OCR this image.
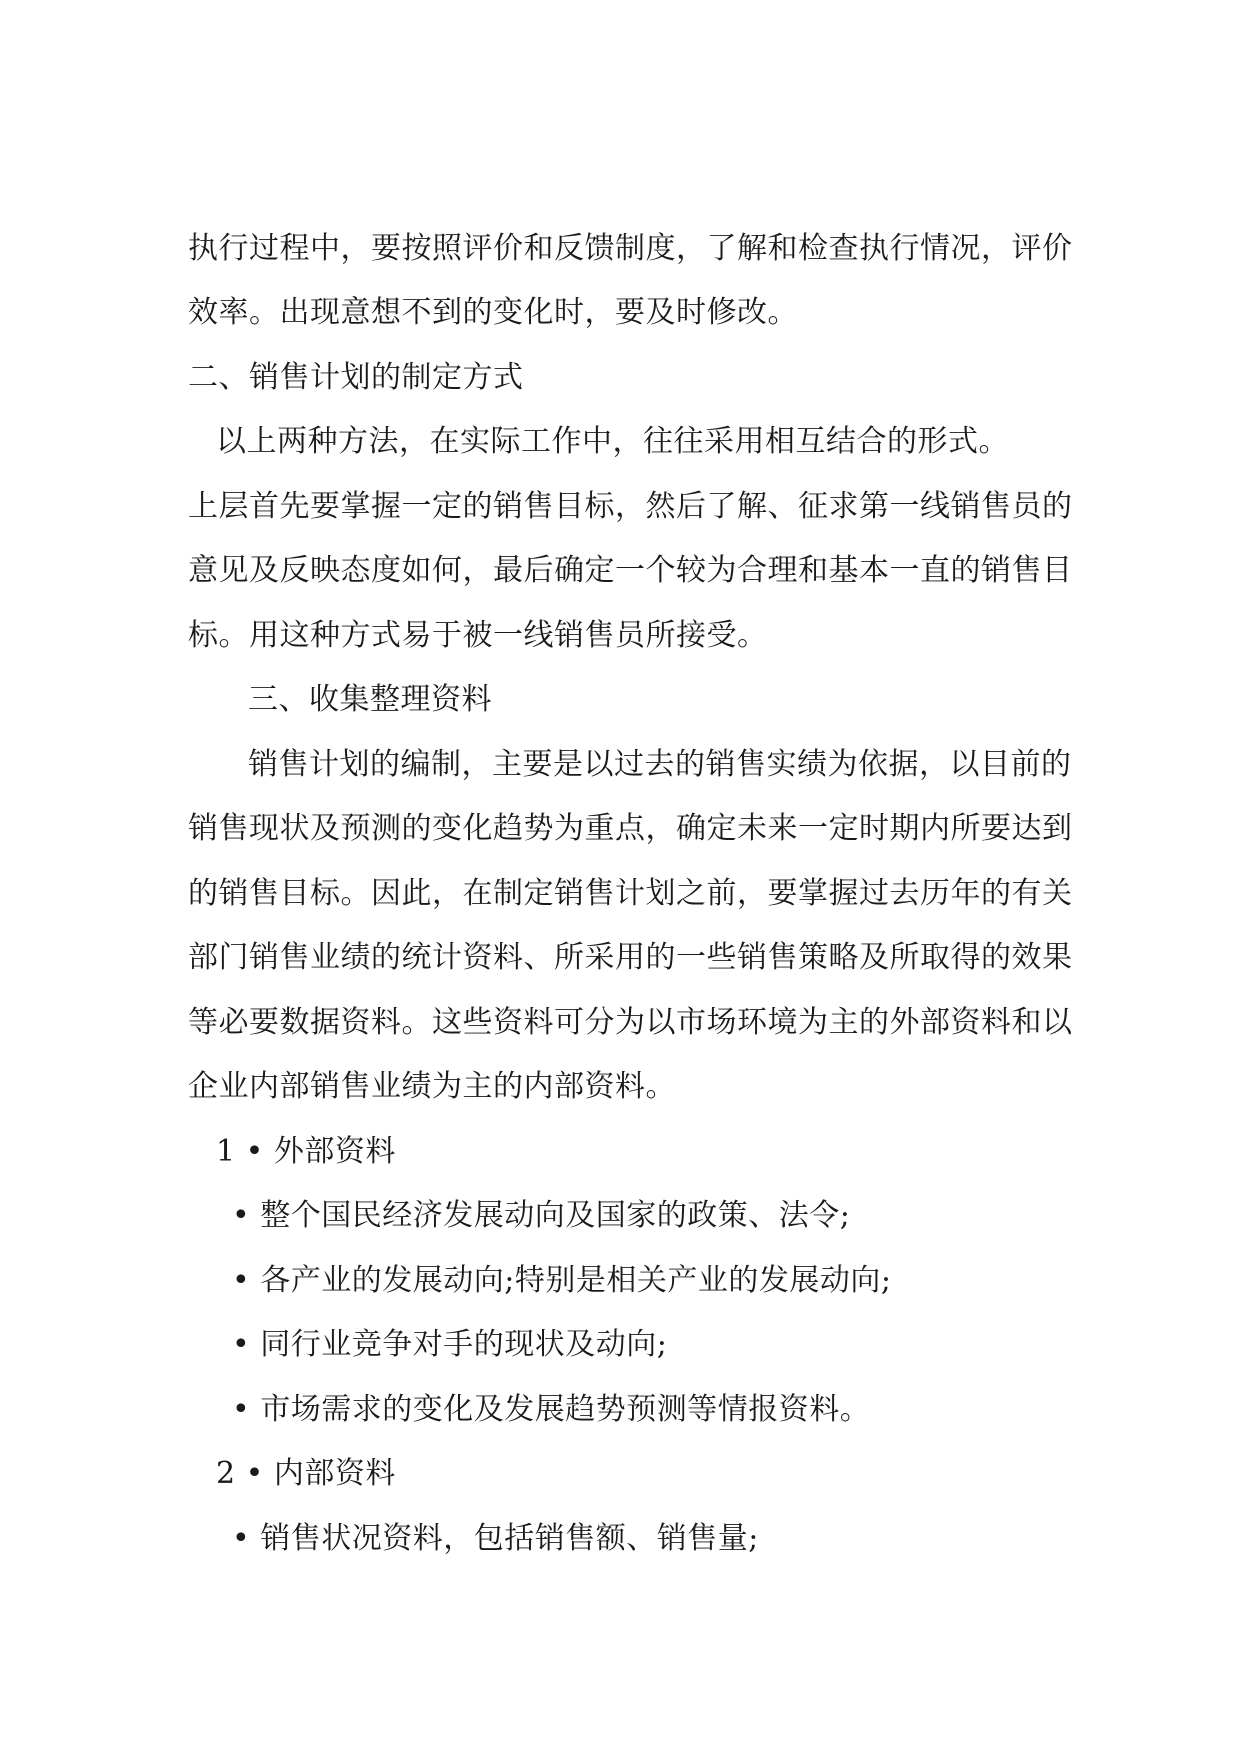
执行过程中，要按照评价和反馈制度，了解和检查执行情况，评价

效率。出现意想不到的变化时，要及时修改。

二、销售计划的制定方式

以上两种方法，在实际工作中，往往采用相互结合的形式。

上层首先要掌握一定的销售目标，然后了解、征求第一线销售员的

意见及反映态度如何，最后确定一个较为合理和基本一直的销售目

标。用这种方式易于被一线销售员所接受。

三、收集整理资料

销售计划的编制，主要是以过去的销售实绩为依据，以目前的

销售现状及预测的变化趋势为重点，确定未来一定时期内所要达到

的销售目标。因此，在制定销售计划之前，要掌握过去历年的有关

部门销售业绩的统计资料、所采用的一些销售策略及所取得的效果

等必要数据资料。这些资料可分为以市场环境为主的外部资料和以

企业内部销售业绩为主的内部资料。

1 • 外部资料

• 整个国民经济发展动向及国家的政策、法令;

• 各产业的发展动向;特别是相关产业的发展动向;

• 同行业竞争对手的现状及动向;

• 市场需求的变化及发展趋势预测等情报资料。

2 • 内部资料

• 销售状况资料，包括销售额、销售量;
